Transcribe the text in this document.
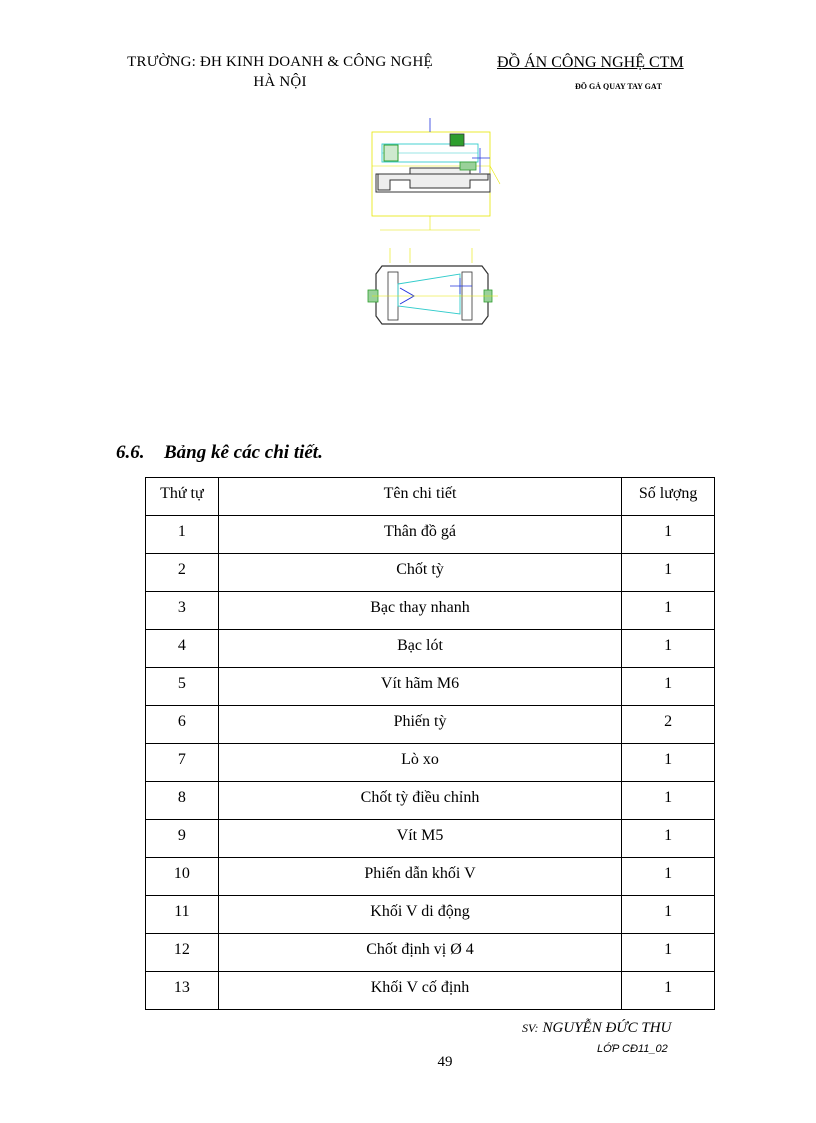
TRƯỜNG: ĐH KINH DOANH & CÔNG NGHỆ
HÀ NỘI
ĐỒ ÁN CÔNG NGHỆ CTM
ĐỒ GÁ QUAY TAY GẠT
6.6. Bảng kê các chi tiết.
Thứ tự	Tên chi tiết	Số lượng
1	Thân đồ gá	1
2	Chốt tỳ	1
3	Bạc thay nhanh	1
4	Bạc lót	1
5	Vít hãm M6	1
6	Phiến tỳ	2
7	Lò xo	1
8	Chốt tỳ điều chỉnh	1
9	Vít M5	1
10	Phiến dẫn khối V	1
11	Khối V di động	1
12	Chốt định vị Ø 4	1
13	Khối V cố định	1
SV: NGUYỄN ĐỨC THU
LỚP CĐ11_02
49
